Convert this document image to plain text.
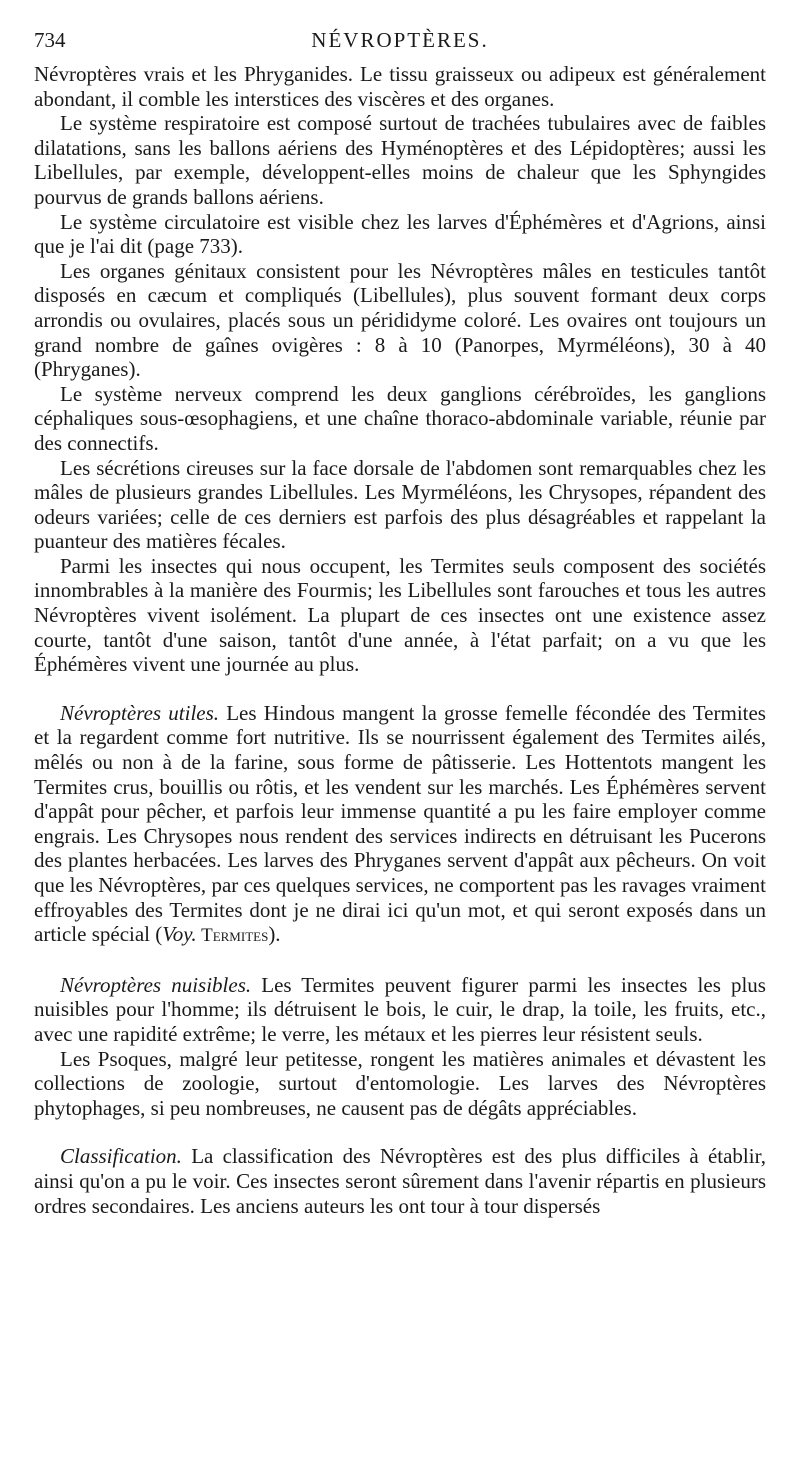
734	NÉVROPTÈRES.

Névroptères vrais et les Phryganides. Le tissu graisseux ou adipeux est généralement abondant, il comble les interstices des viscères et des organes.

Le système respiratoire est composé surtout de trachées tubulaires avec de faibles dilatations, sans les ballons aériens des Hyménoptères et des Lépidoptères; aussi les Libellules, par exemple, développent-elles moins de chaleur que les Sphyngides pourvus de grands ballons aériens.

Le système circulatoire est visible chez les larves d'Éphémères et d'Agrions, ainsi que je l'ai dit (page 733).

Les organes génitaux consistent pour les Névroptères mâles en testicules tantôt disposés en cæcum et compliqués (Libellules), plus souvent formant deux corps arrondis ou ovulaires, placés sous un pérididyme coloré. Les ovaires ont toujours un grand nombre de gaînes ovigères : 8 à 10 (Panorpes, Myrméléons), 30 à 40 (Phryganes).

Le système nerveux comprend les deux ganglions cérébroïdes, les ganglions céphaliques sous-œsophagiens, et une chaîne thoraco-abdominale variable, réunie par des connectifs.

Les sécrétions cireuses sur la face dorsale de l'abdomen sont remarquables chez les mâles de plusieurs grandes Libellules. Les Myrméléons, les Chrysopes, répandent des odeurs variées; celle de ces derniers est parfois des plus désagréables et rappelant la puanteur des matières fécales.

Parmi les insectes qui nous occupent, les Termites seuls composent des sociétés innombrables à la manière des Fourmis; les Libellules sont farouches et tous les autres Névroptères vivent isolément. La plupart de ces insectes ont une existence assez courte, tantôt d'une saison, tantôt d'une année, à l'état parfait; on a vu que les Éphémères vivent une journée au plus.

Névroptères utiles. Les Hindous mangent la grosse femelle fécondée des Termites et la regardent comme fort nutritive. Ils se nourrissent également des Termites ailés, mêlés ou non à de la farine, sous forme de pâtisserie. Les Hottentots mangent les Termites crus, bouillis ou rôtis, et les vendent sur les marchés. Les Éphémères servent d'appât pour pêcher, et parfois leur immense quantité a pu les faire employer comme engrais. Les Chrysopes nous rendent des services indirects en détruisant les Pucerons des plantes herbacées. Les larves des Phryganes servent d'appât aux pêcheurs. On voit que les Névroptères, par ces quelques services, ne comportent pas les ravages vraiment effroyables des Termites dont je ne dirai ici qu'un mot, et qui seront exposés dans un article spécial (Voy. Termites).

Névroptères nuisibles. Les Termites peuvent figurer parmi les insectes les plus nuisibles pour l'homme; ils détruisent le bois, le cuir, le drap, la toile, les fruits, etc., avec une rapidité extrême; le verre, les métaux et les pierres leur résistent seuls.

Les Psoques, malgré leur petitesse, rongent les matières animales et dévastent les collections de zoologie, surtout d'entomologie. Les larves des Névroptères phytophages, si peu nombreuses, ne causent pas de dégâts appréciables.

Classification. La classification des Névroptères est des plus difficiles à établir, ainsi qu'on a pu le voir. Ces insectes seront sûrement dans l'avenir répartis en plusieurs ordres secondaires. Les anciens auteurs les ont tour à tour dispersés
